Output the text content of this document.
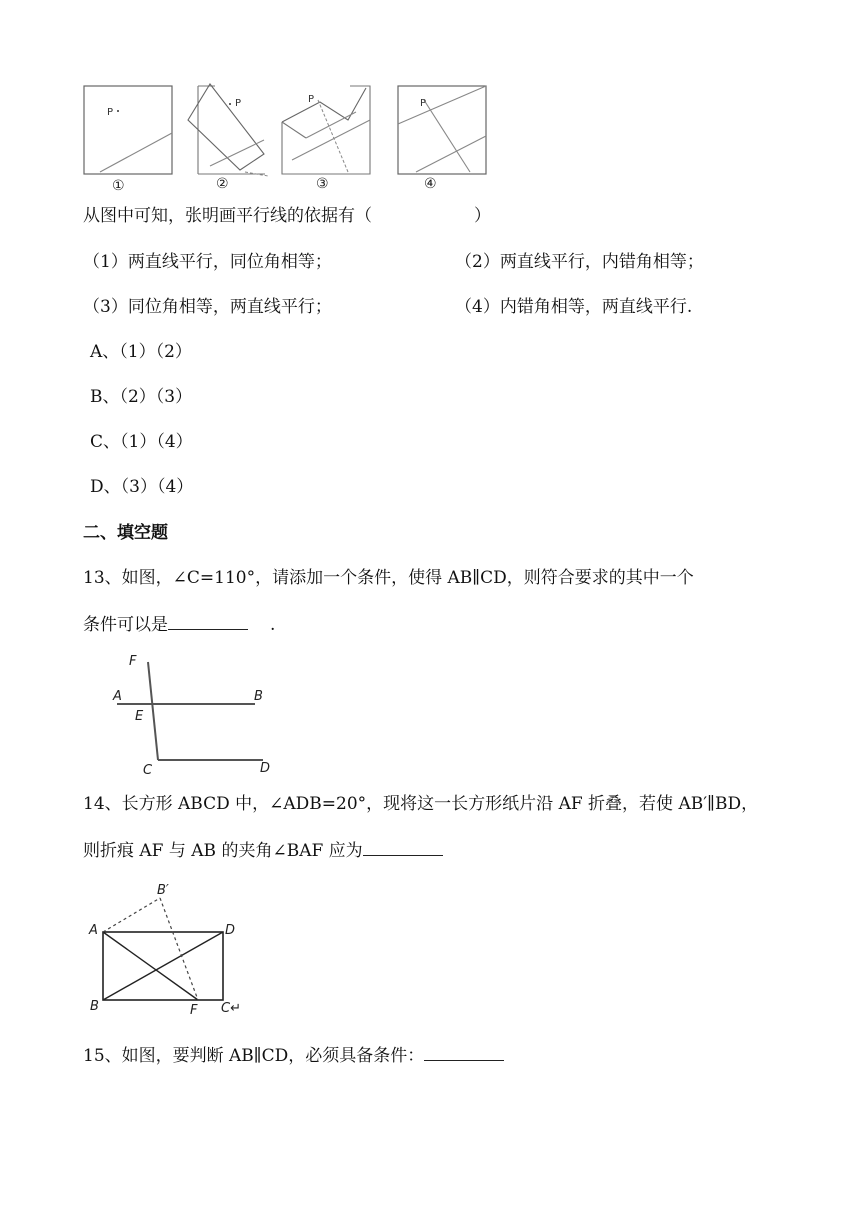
P
P	P	P
①	②	③	④
从图中可知，张明画平行线的依据有（　　　　　　）
（1）两直线平行，同位角相等；	（2）两直线平行，内错角相等；
（3）同位角相等，两直线平行；	（4）内错角相等，两直线平行.
A、（1）（2）
B、（2）（3）
C、（1）（4）
D、（3）（4）
二、填空题
13、如图，∠C=110°，请添加一个条件，使得 AB∥CD，则符合要求的其中一个
条件可以是	.
F
A	B
E
C	D
14、长方形 ABCD 中，∠ADB=20°，现将这一长方形纸片沿 AF 折叠，若使 AB′∥BD，
则折痕 AF 与 AB 的夹角∠BAF 应为
A
B′
D
B	F C↵
15、如图，要判断 AB∥CD，必须具备条件：
